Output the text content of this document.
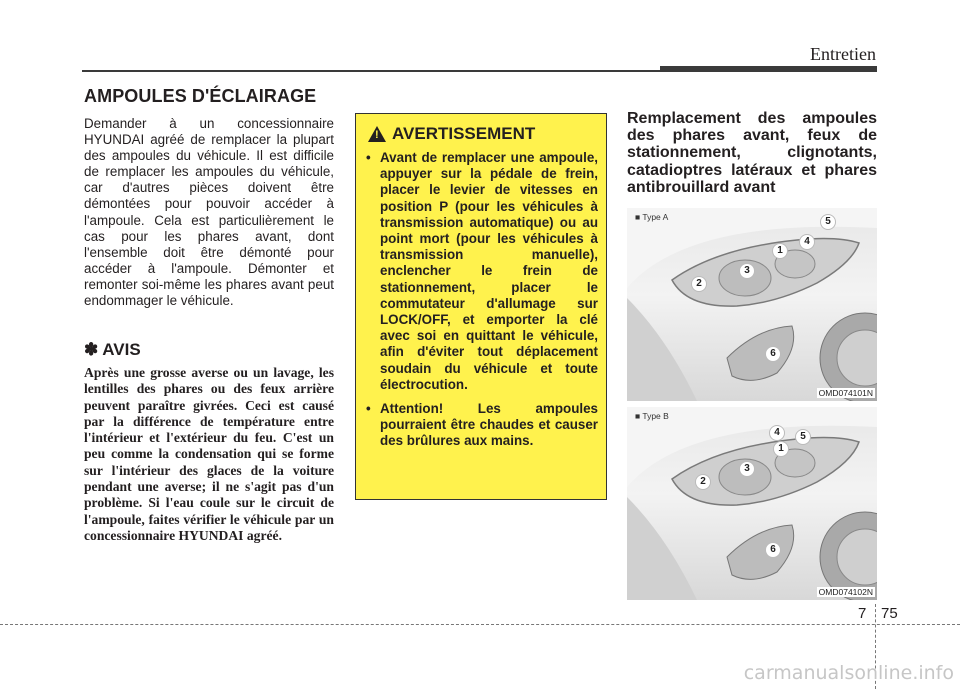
Entretien
AMPOULES D'ÉCLAIRAGE
Demander à un concessionnaire HYUNDAI agréé de remplacer la plupart des ampoules du véhicule. Il est difficile de remplacer les ampoules du véhicule, car d'autres pièces doivent être démontées pour pouvoir accéder à l'ampoule. Cela est particulièrement le cas pour les phares avant, dont l'ensemble doit être démonté pour accéder à l'ampoule. Démonter et remonter soi-même les phares avant peut endommager le véhicule.
✽ AVIS
Après une grosse averse ou un lavage, les lentilles des phares ou des feux arrière peuvent paraître givrées. Ceci est causé par la différence de température entre l'intérieur et l'extérieur du feu. C'est un peu comme la condensation qui se forme sur l'intérieur des glaces de la voiture pendant une averse; il ne s'agit pas d'un problème. Si l'eau coule sur le circuit de l'ampoule, faites vérifier le véhicule par un concessionnaire HYUNDAI agréé.
! AVERTISSEMENT
• Avant de remplacer une ampoule, appuyer sur la pédale de frein, placer le levier de vitesses en position P (pour les véhicules à transmission automatique) ou au point mort (pour les véhicules à transmission manuelle), enclencher le frein de stationnement, placer le commutateur d'allumage sur LOCK/OFF, et emporter la clé avec soi en quittant le véhicule, afin d'éviter tout déplacement soudain du véhicule et toute électrocution.
• Attention! Les ampoules pourraient être chaudes et causer des brûlures aux mains.
Remplacement des ampoules des phares avant, feux de stationnement, clignotants, catadioptres latéraux et phares antibrouillard avant
■ Type A	5
4
1
3
2
6
OMD074101N
■ Type B
4	5
1
3
2
6
OMD074102N
7 75
carmanualsonline.info
